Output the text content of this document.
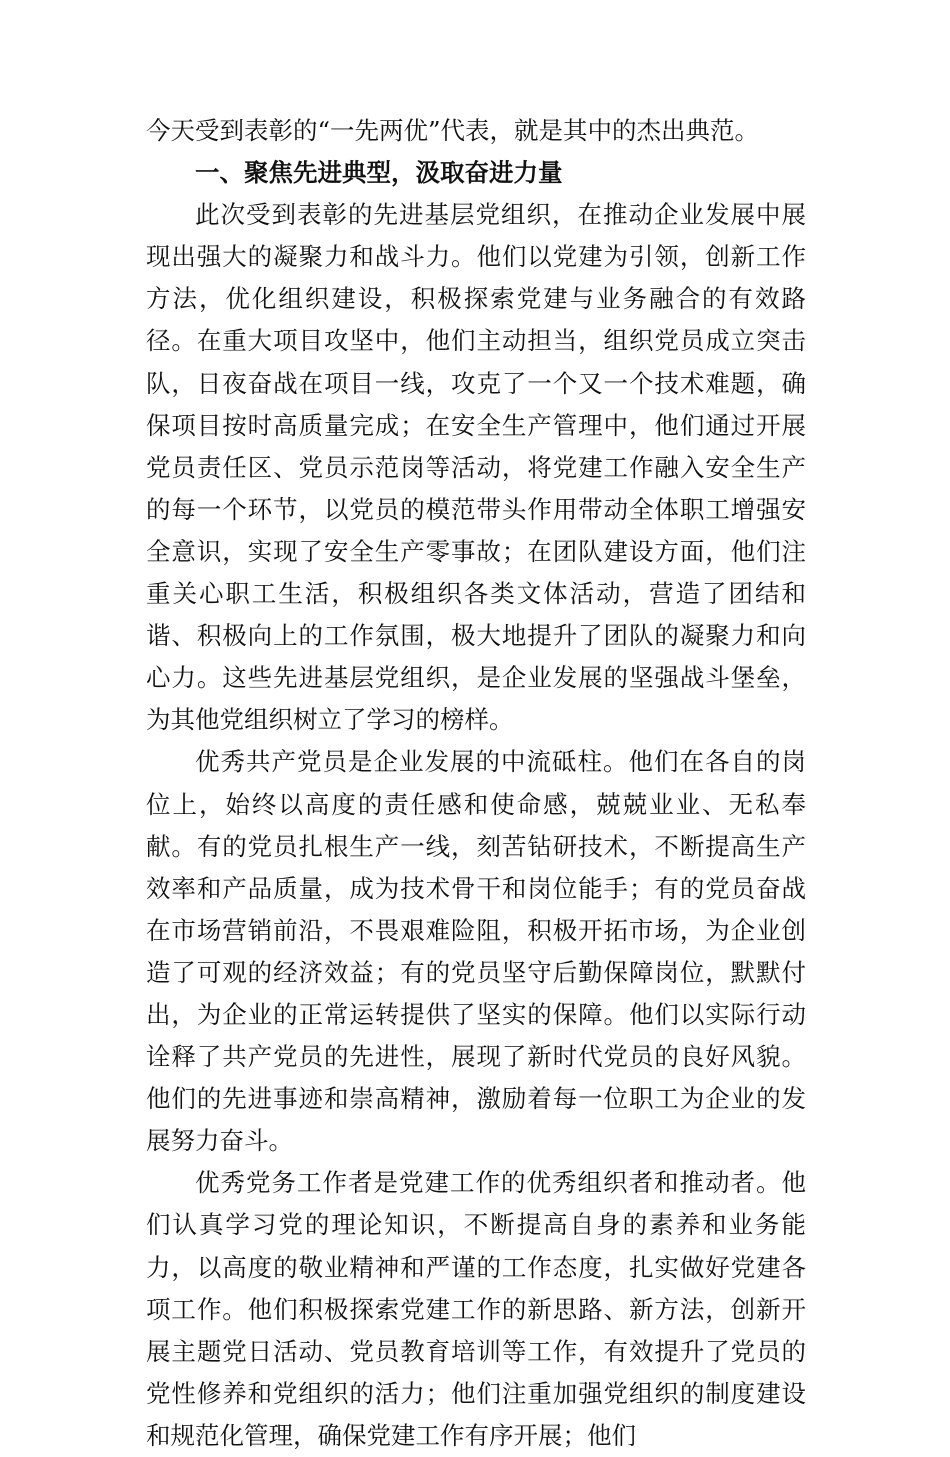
今天受到表彰的“一先两优”代表，就是其中的杰出典范。

一、聚焦先进典型，汲取奋进力量

此次受到表彰的先进基层党组织，在推动企业发展中展现出强大的凝聚力和战斗力。他们以党建为引领，创新工作方法，优化组织建设，积极探索党建与业务融合的有效路径。在重大项目攻坚中，他们主动担当，组织党员成立突击队，日夜奋战在项目一线，攻克了一个又一个技术难题，确保项目按时高质量完成；在安全生产管理中，他们通过开展党员责任区、党员示范岗等活动，将党建工作融入安全生产的每一个环节，以党员的模范带头作用带动全体职工增强安全意识，实现了安全生产零事故；在团队建设方面，他们注重关心职工生活，积极组织各类文体活动，营造了团结和谐、积极向上的工作氛围，极大地提升了团队的凝聚力和向心力。这些先进基层党组织，是企业发展的坚强战斗堡垒，为其他党组织树立了学习的榜样。

优秀共产党员是企业发展的中流砥柱。他们在各自的岗位上，始终以高度的责任感和使命感，兢兢业业、无私奉献。有的党员扎根生产一线，刻苦钻研技术，不断提高生产效率和产品质量，成为技术骨干和岗位能手；有的党员奋战在市场营销前沿，不畏艰难险阻，积极开拓市场，为企业创造了可观的经济效益；有的党员坚守后勤保障岗位，默默付出，为企业的正常运转提供了坚实的保障。他们以实际行动诠释了共产党员的先进性，展现了新时代党员的良好风貌。他们的先进事迹和崇高精神，激励着每一位职工为企业的发展努力奋斗。

优秀党务工作者是党建工作的优秀组织者和推动者。他们认真学习党的理论知识，不断提高自身的素养和业务能力，以高度的敬业精神和严谨的工作态度，扎实做好党建各项工作。他们积极探索党建工作的新思路、新方法，创新开展主题党日活动、党员教育培训等工作，有效提升了党员的党性修养和党组织的活力；他们注重加强党组织的制度建设和规范化管理，确保党建工作有序开展；他们
